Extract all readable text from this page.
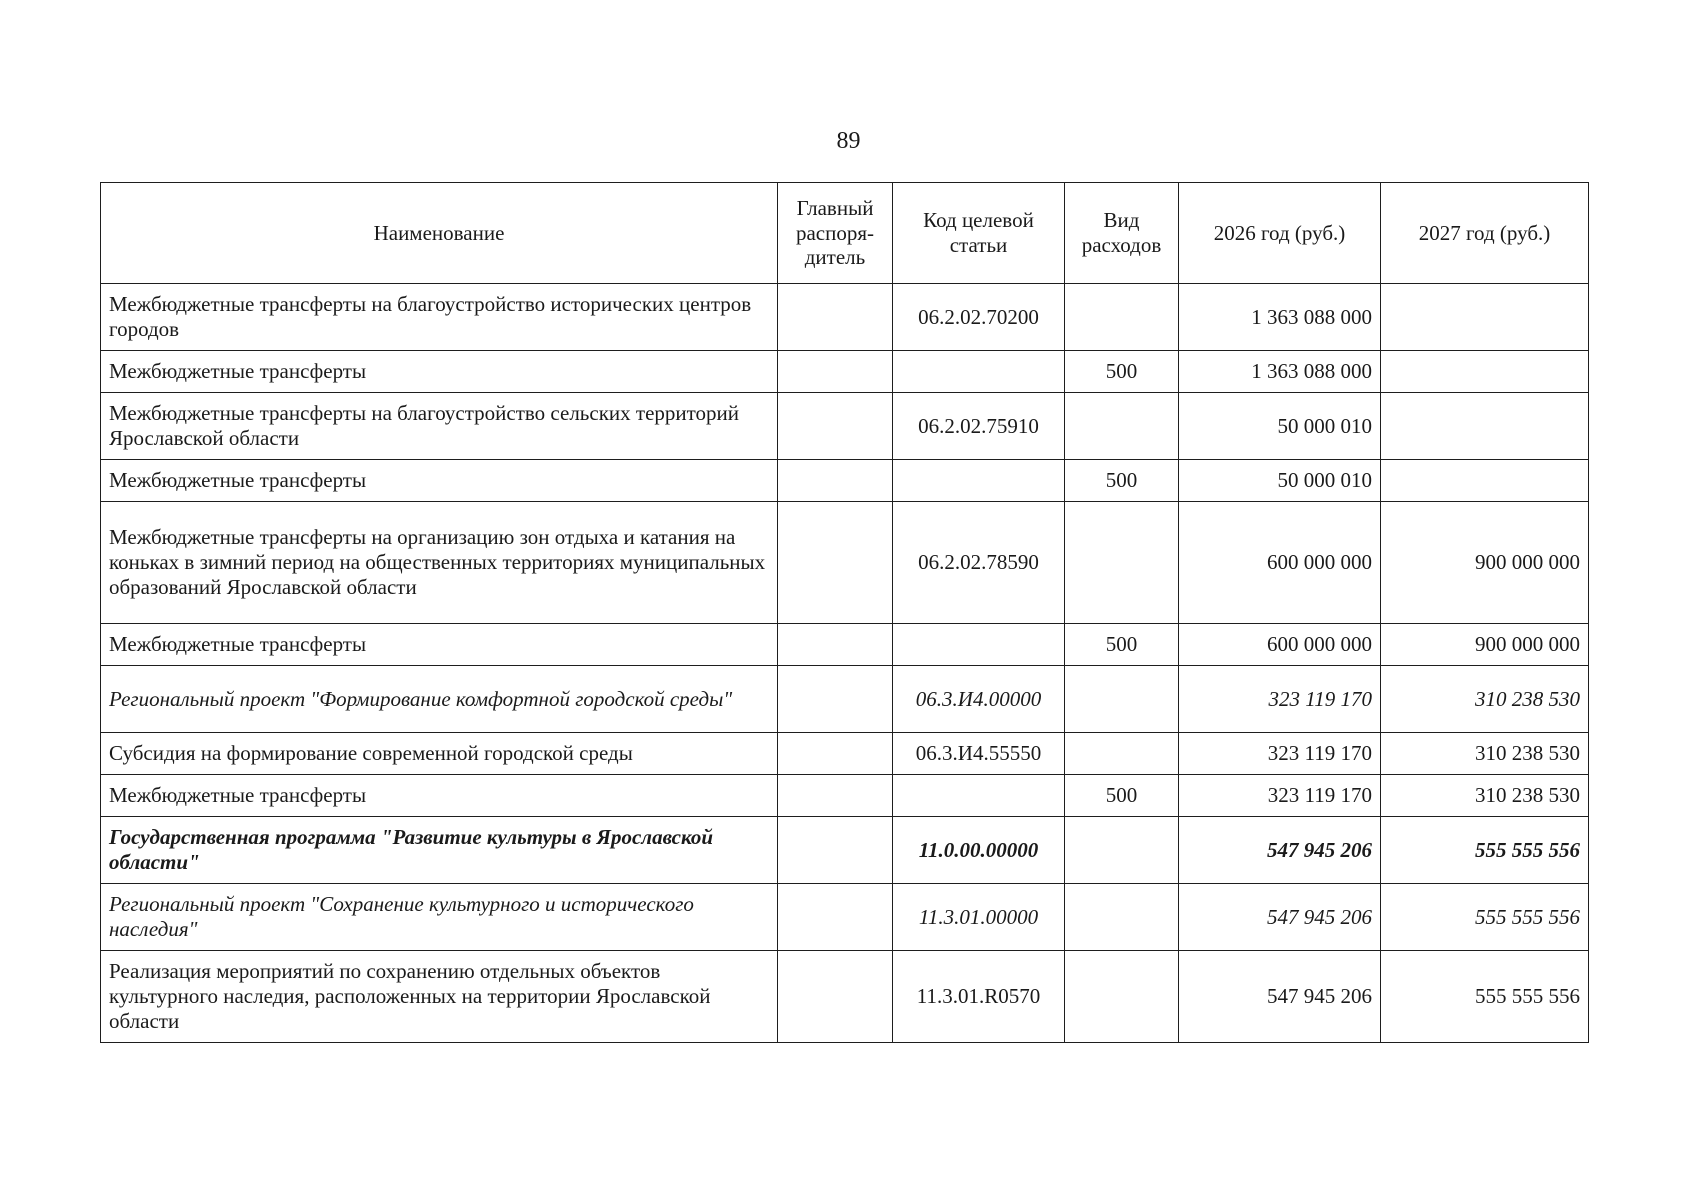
89
Наименование	Главный распоря-дитель	Код целевой статьи	Вид расходов	2026 год (руб.)	2027 год (руб.)
Межбюджетные трансферты на благоустройство исторических центров городов		06.2.02.70200		1 363 088 000	
Межбюджетные трансферты			500	1 363 088 000	
Межбюджетные трансферты на благоустройство сельских территорий Ярославской области		06.2.02.75910		50 000 010	
Межбюджетные трансферты			500	50 000 010	
Межбюджетные трансферты на организацию зон отдыха и катания на коньках в зимний период на общественных территориях муниципальных образований Ярославской области		06.2.02.78590		600 000 000	900 000 000
Межбюджетные трансферты			500	600 000 000	900 000 000
Региональный проект "Формирование комфортной городской среды"		06.3.И4.00000		323 119 170	310 238 530
Субсидия на формирование современной городской среды		06.3.И4.55550		323 119 170	310 238 530
Межбюджетные трансферты			500	323 119 170	310 238 530
Государственная программа "Развитие культуры в Ярославской области"		11.0.00.00000		547 945 206	555 555 556
Региональный проект "Сохранение культурного и исторического наследия"		11.3.01.00000		547 945 206	555 555 556
Реализация мероприятий по сохранению отдельных объектов культурного наследия, расположенных на территории Ярославской области		11.3.01.R0570		547 945 206	555 555 556
